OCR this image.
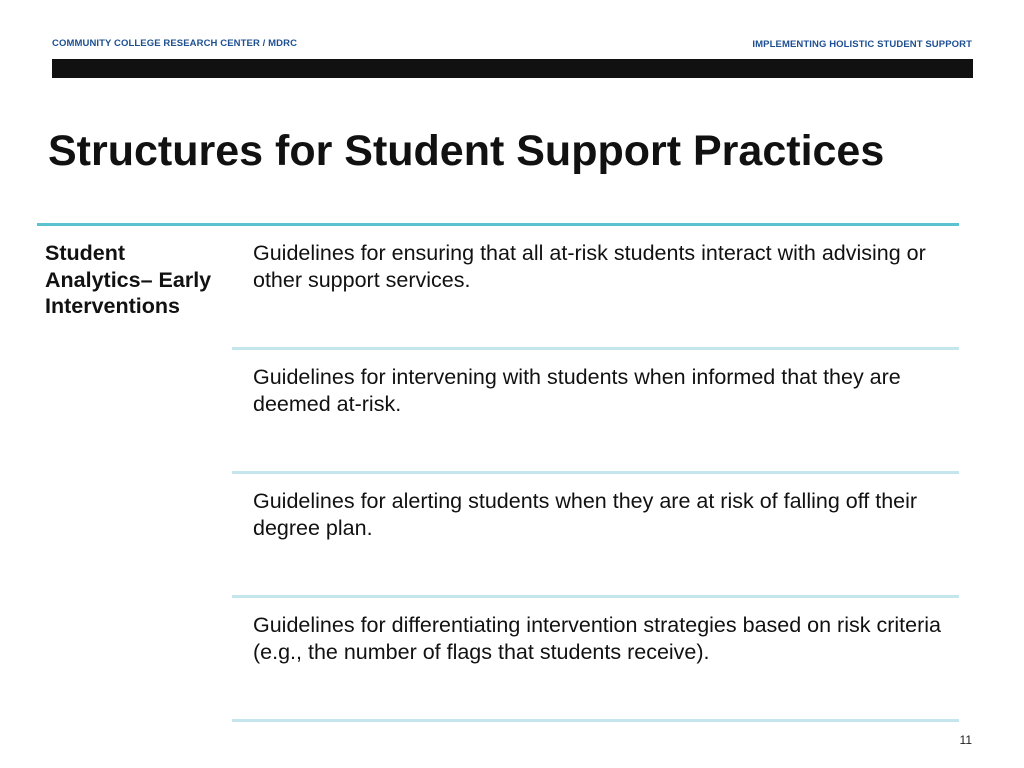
COMMUNITY COLLEGE RESEARCH CENTER / MDRC	IMPLEMENTING HOLISTIC STUDENT SUPPORT
Structures for Student Support Practices
Student Analytics– Early Interventions
Guidelines for ensuring that all at-risk students interact with advising or other support services.
Guidelines for intervening with students when informed that they are deemed at-risk.
Guidelines for alerting students when they are at risk of falling off their degree plan.
Guidelines for differentiating intervention strategies based on risk criteria (e.g., the number of flags that students receive).
11
